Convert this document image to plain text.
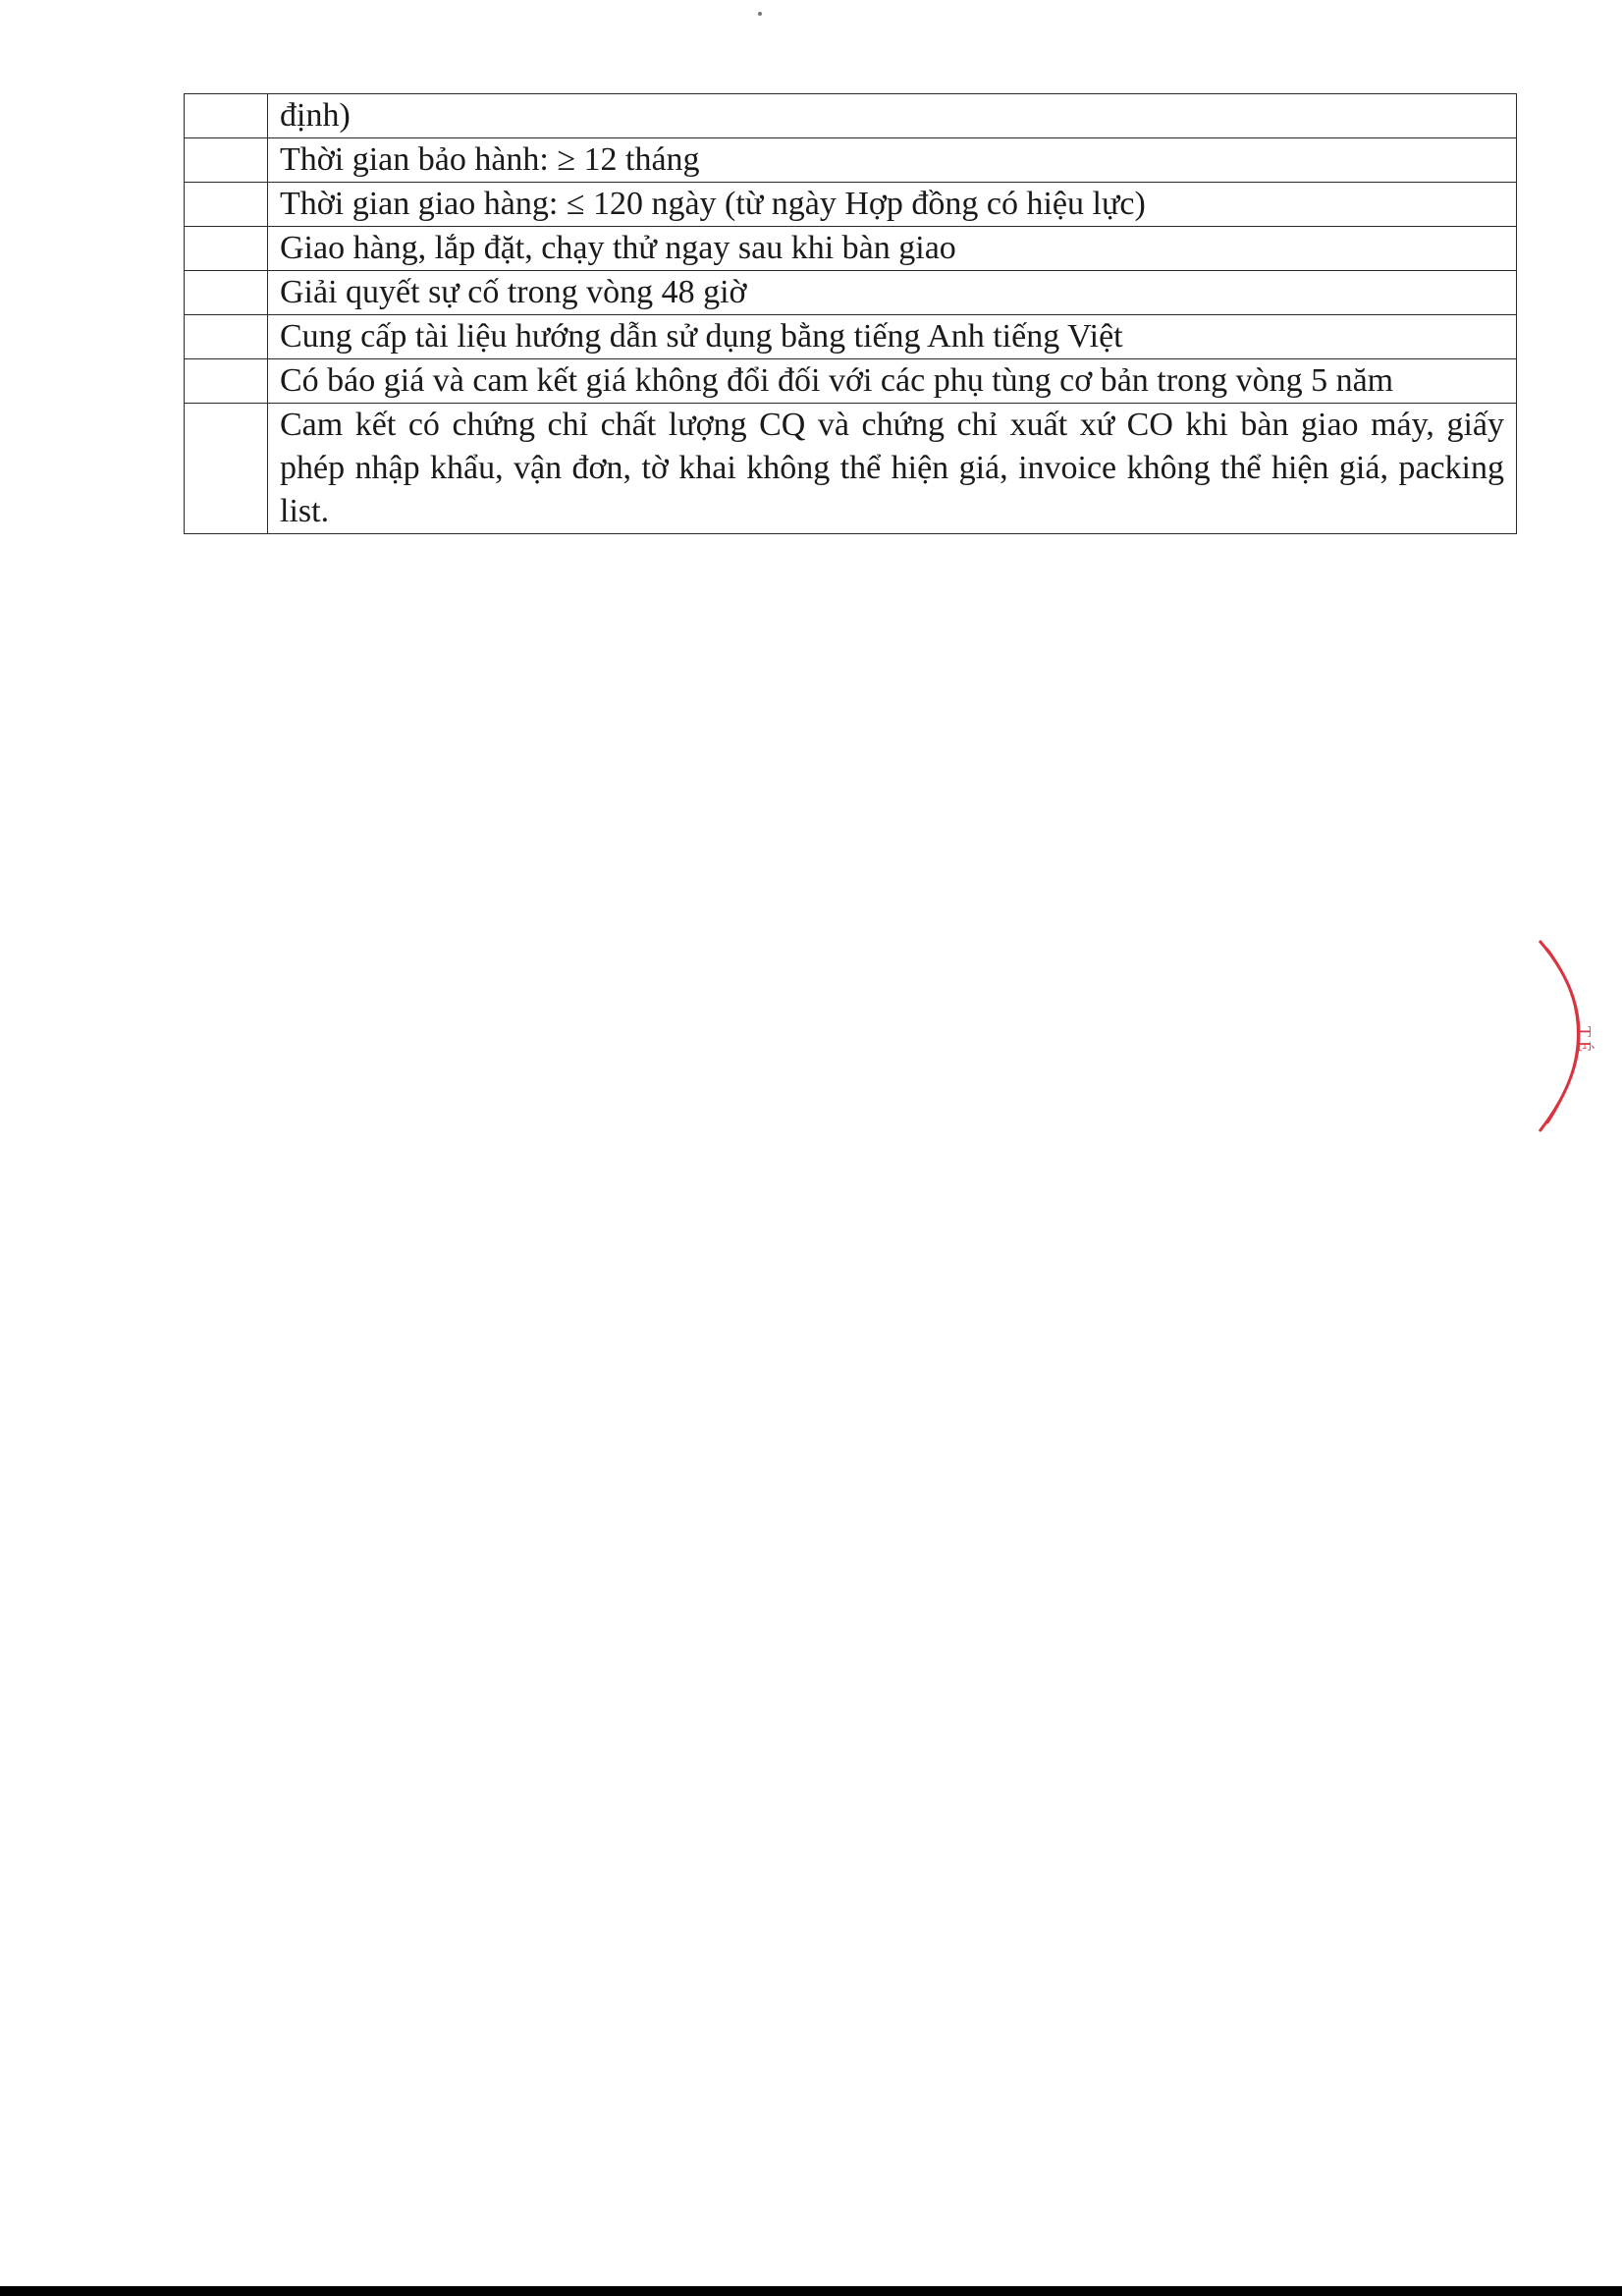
	định)

	Thời gian bảo hành: ≥ 12 tháng

	Thời gian giao hàng: ≤ 120 ngày (từ ngày Hợp đồng có hiệu lực)

	Giao hàng, lắp đặt, chạy thử ngay sau khi bàn giao

	Giải quyết sự cố trong vòng 48 giờ

	Cung cấp tài liệu hướng dẫn sử dụng bằng tiếng Anh tiếng Việt

	Có báo giá và cam kết giá không đổi đối với các phụ tùng cơ bản trong vòng 5 năm

	Cam kết có chứng chỉ chất lượng CQ và chứng chỉ xuất xứ CO khi bàn giao máy, giấy phép nhập khẩu, vận đơn, tờ khai không thể hiện giá, invoice không thể hiện giá, packing list.
T É
